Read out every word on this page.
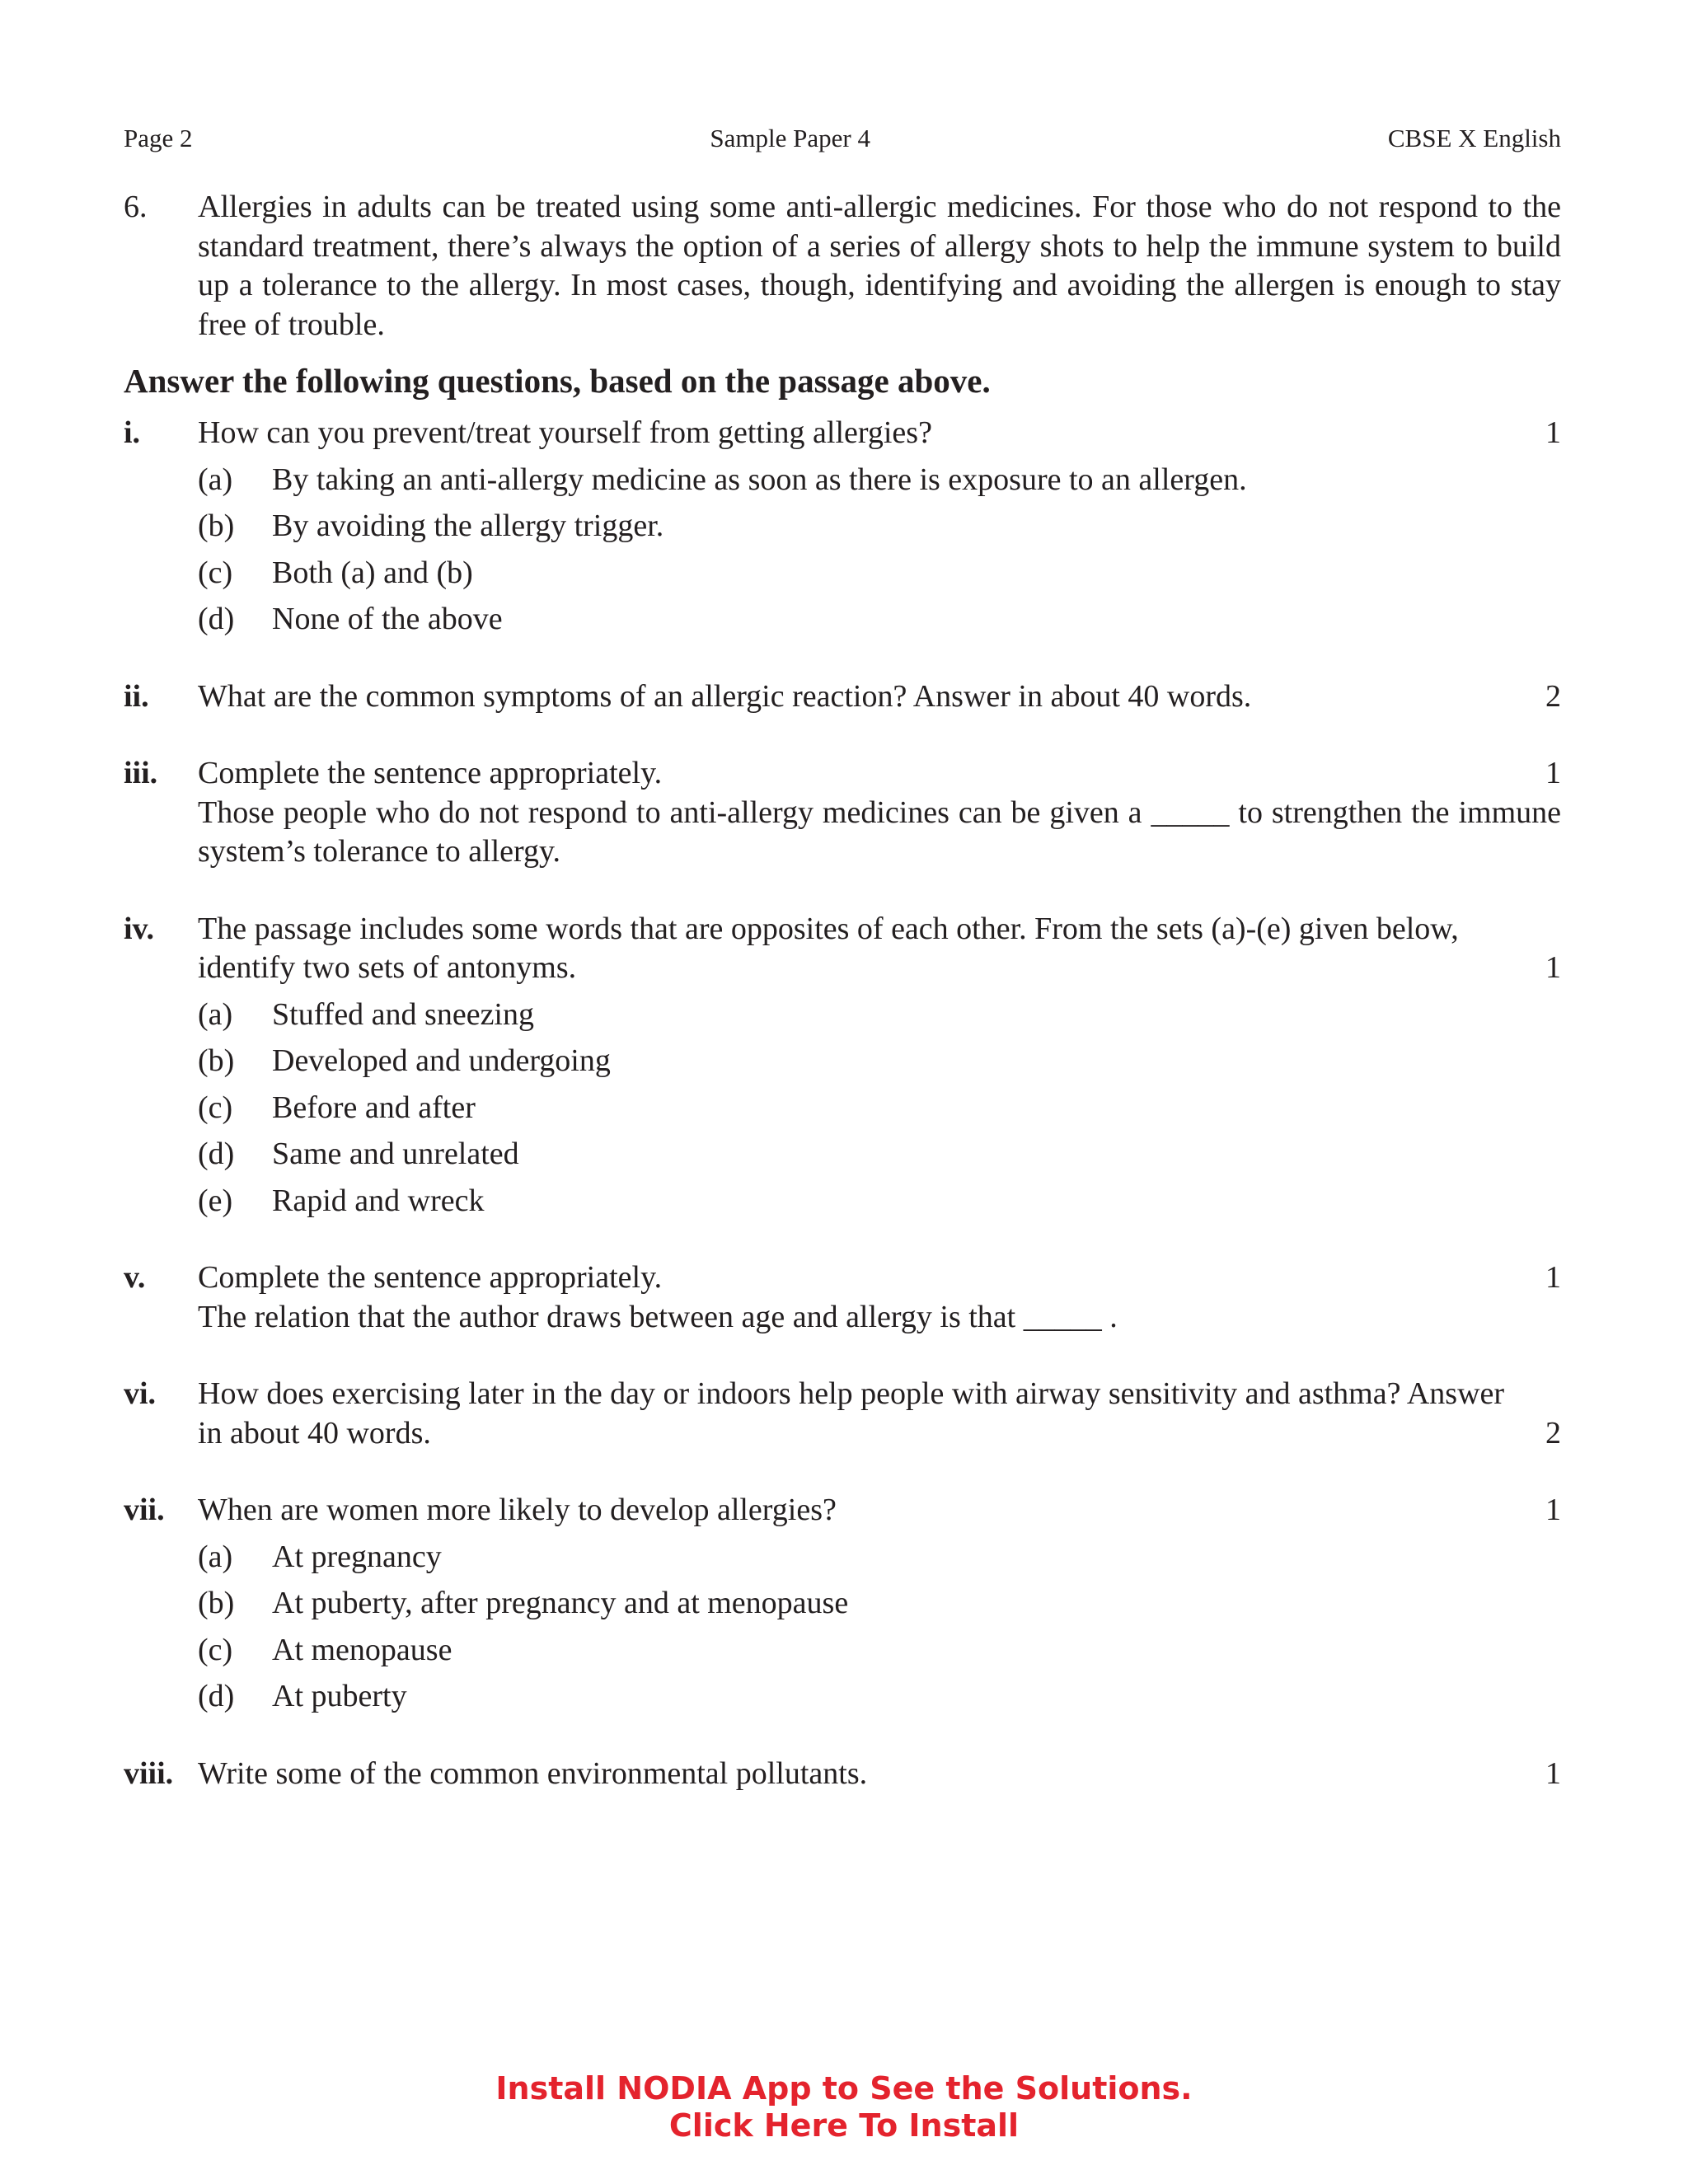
Page 2	Sample Paper 4	CBSE X English
6.	Allergies in adults can be treated using some anti-allergic medicines. For those who do not respond to the standard treatment, there’s always the option of a series of allergy shots to help the immune system to build up a tolerance to the allergy. In most cases, though, identifying and avoiding the allergen is enough to stay free of trouble.
Answer the following questions, based on the passage above.
i.	How can you prevent/treat yourself from getting allergies?	1
(a)	By taking an anti-allergy medicine as soon as there is exposure to an allergen.
(b)	By avoiding the allergy trigger.
(c)	Both (a) and (b)
(d)	None of the above
ii.	What are the common symptoms of an allergic reaction? Answer in about 40 words.	2
iii.	Complete the sentence appropriately.	1
Those people who do not respond to anti-allergy medicines can be given a _____ to strengthen the immune system’s tolerance to allergy.
iv.	The passage includes some words that are opposites of each other. From the sets (a)-(e) given below,
identify two sets of antonyms.	1
(a)	Stuffed and sneezing
(b)	Developed and undergoing
(c)	Before and after
(d)	Same and unrelated
(e)	Rapid and wreck
v.	Complete the sentence appropriately.	1
The relation that the author draws between age and allergy is that _____ .
vi.	How does exercising later in the day or indoors help people with airway sensitivity and asthma? Answer
in about 40 words.	2
vii.	When are women more likely to develop allergies?	1
(a)	At pregnancy
(b)	At puberty, after pregnancy and at menopause
(c)	At menopause
(d)	At puberty
viii. Write some of the common environmental pollutants.	1
Install NODIA App to See the Solutions.
Click Here To Install
